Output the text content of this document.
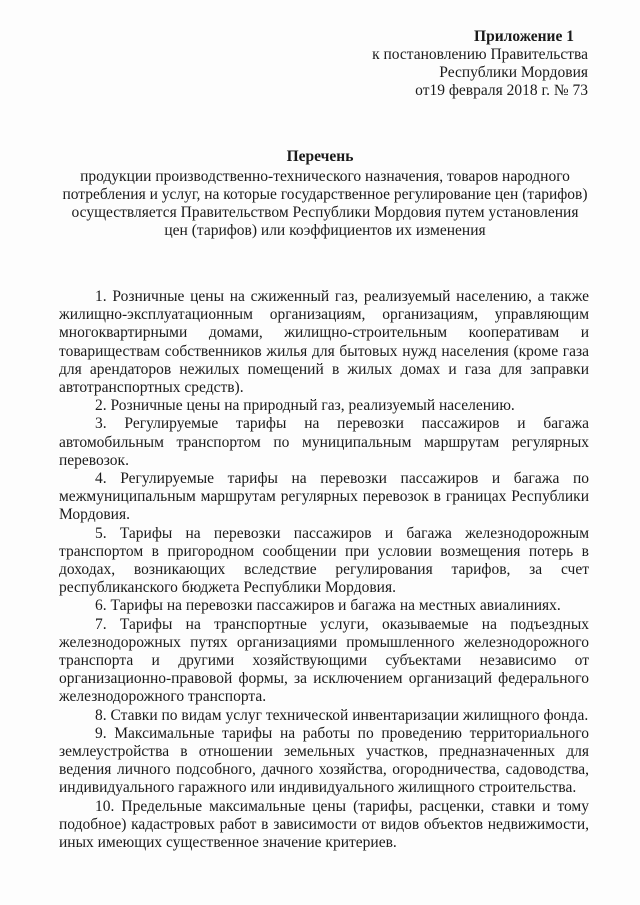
Приложение 1
к постановлению Правительства
Республики Мордовия
от19 февраля 2018 г. № 73
Перечень
продукции производственно-технического назначения, товаров народного потребления и услуг, на которые государственное регулирование цен (тарифов) осуществляется Правительством Республики Мордовия путем установления цен (тарифов) или коэффициентов их изменения

1. Розничные цены на сжиженный газ, реализуемый населению, а также жилищно-эксплуатационным организациям, организациям, управляющим многоквартирными домами, жилищно-строительным кооперативам и товариществам собственников жилья для бытовых нужд населения (кроме газа для арендаторов нежилых помещений в жилых домах и газа для заправки автотранспортных средств).

2. Розничные цены на природный газ, реализуемый населению.

3. Регулируемые тарифы на перевозки пассажиров и багажа автомобильным транспортом по муниципальным маршрутам регулярных перевозок.

4. Регулируемые тарифы на перевозки пассажиров и багажа по межмуниципальным маршрутам регулярных перевозок в границах Республики Мордовия.

5. Тарифы на перевозки пассажиров и багажа железнодорожным транспортом в пригородном сообщении при условии возмещения потерь в доходах, возникающих вследствие регулирования тарифов, за счет республиканского бюджета Республики Мордовия.

6. Тарифы на перевозки пассажиров и багажа на местных авиалиниях.

7. Тарифы на транспортные услуги, оказываемые на подъездных железнодорожных путях организациями промышленного железнодорожного транспорта и другими хозяйствующими субъектами независимо от организационно-правовой формы, за исключением организаций федерального железнодорожного транспорта.

8. Ставки по видам услуг технической инвентаризации жилищного фонда.

9. Максимальные тарифы на работы по проведению территориального землеустройства в отношении земельных участков, предназначенных для ведения личного подсобного, дачного хозяйства, огородничества, садоводства, индивидуального гаражного или индивидуального жилищного строительства.

10. Предельные максимальные цены (тарифы, расценки, ставки и тому подобное) кадастровых работ в зависимости от видов объектов недвижимости, иных имеющих существенное значение критериев.
